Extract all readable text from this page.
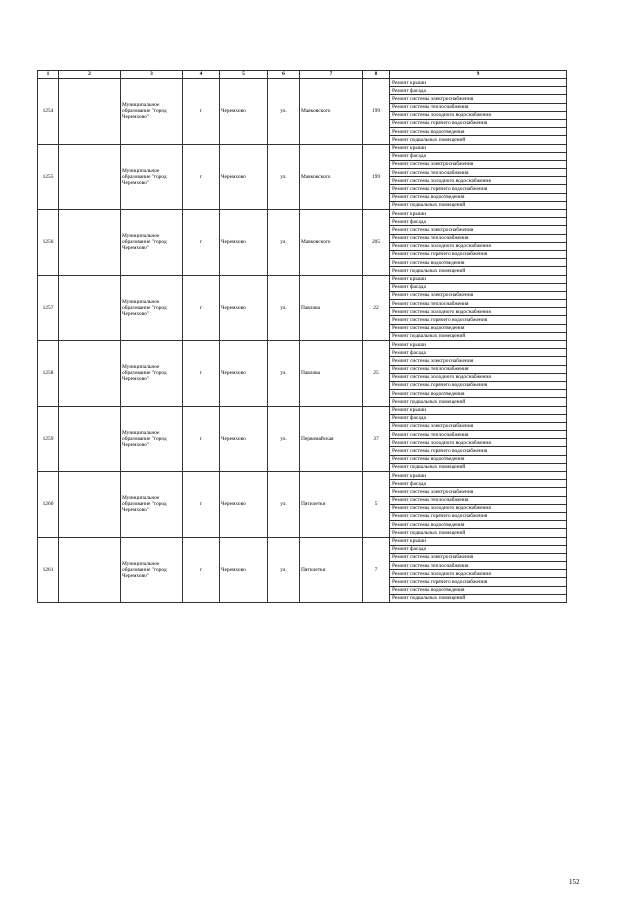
1	2	3	4	5	6	7	8	9
1254		Муниципальное образование "город Черемхово"	г	Черемхово	ул.	Маяковского	199	Ремонт крыши
								Ремонт фасада
								Ремонт системы электроснабжения
								Ремонт системы теплоснабжения
								Ремонт системы холодного водоснабжения
								Ремонт системы горячего водоснабжения
								Ремонт системы водоотведения
								Ремонт подвальных помещений
1255		Муниципальное образование "город Черемхово"	г	Черемхово	ул.	Маяковского	199	Ремонт крыши
								Ремонт фасада
								Ремонт системы электроснабжения
								Ремонт системы теплоснабжения
								Ремонт системы холодного водоснабжения
								Ремонт системы горячего водоснабжения
								Ремонт системы водоотведения
								Ремонт подвальных помещений
1256		Муниципальное образование "город Черемхово"	г	Черемхово	ул.	Маяковского	205	Ремонт крыши
								Ремонт фасада
								Ремонт системы электроснабжения
								Ремонт системы теплоснабжения
								Ремонт системы холодного водоснабжения
								Ремонт системы горячего водоснабжения
								Ремонт системы водоотведения
								Ремонт подвальных помещений
1257		Муниципальное образование "город Черемхово"	г	Черемхово	ул.	Павлова	22	Ремонт крыши
								Ремонт фасада
								Ремонт системы электроснабжения
								Ремонт системы теплоснабжения
								Ремонт системы холодного водоснабжения
								Ремонт системы горячего водоснабжения
								Ремонт системы водоотведения
								Ремонт подвальных помещений
1258		Муниципальное образование "город Черемхово"	г	Черемхово	ул.	Павлова	25	Ремонт крыши
								Ремонт фасада
								Ремонт системы электроснабжения
								Ремонт системы теплоснабжения
								Ремонт системы холодного водоснабжения
								Ремонт системы горячего водоснабжения
								Ремонт системы водоотведения
								Ремонт подвальных помещений
1259		Муниципальное образование "город Черемхово"	г	Черемхово	ул.	Первомайская	37	Ремонт крыши
								Ремонт фасада
								Ремонт системы электроснабжения
								Ремонт системы теплоснабжения
								Ремонт системы холодного водоснабжения
								Ремонт системы горячего водоснабжения
								Ремонт системы водоотведения
								Ремонт подвальных помещений
1260		Муниципальное образование "город Черемхово"	г	Черемхово	ул.	Пятилетки	5	Ремонт крыши
								Ремонт фасада
								Ремонт системы электроснабжения
								Ремонт системы теплоснабжения
								Ремонт системы холодного водоснабжения
								Ремонт системы горячего водоснабжения
								Ремонт системы водоотведения
								Ремонт подвальных помещений
1261		Муниципальное образование "город Черемхово"	г	Черемхово	ул.	Пятилетки	7	Ремонт крыши
								Ремонт фасада
								Ремонт системы электроснабжения
								Ремонт системы теплоснабжения
								Ремонт системы холодного водоснабжения
								Ремонт системы горячего водоснабжения
								Ремонт системы водоотведения
								Ремонт подвальных помещений
152
